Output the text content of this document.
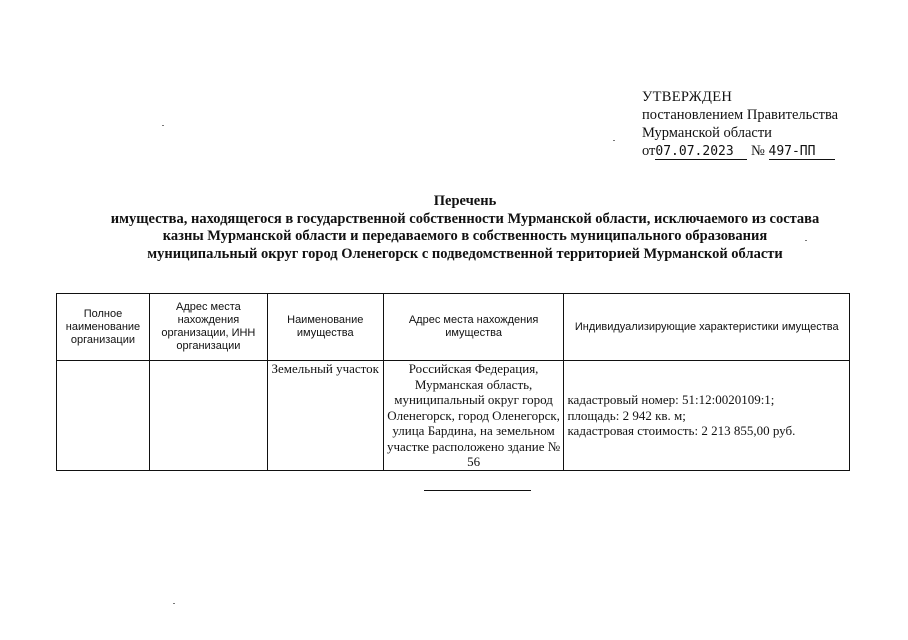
УТВЕРЖДЕН
постановлением Правительства
Мурманской области
от07.07.2023 № 497-ПП
Перечень
имущества, находящегося в государственной собственности Мурманской области, исключаемого из состава казны Мурманской области и передаваемого в собственность муниципального образования муниципальный округ город Оленегорск с подведомственной территорией Мурманской области
Полное наименование организации	Адрес места нахождения организации, ИНН организации	Наименование имущества	Адрес места нахождения имущества	Индивидуализирующие характеристики имущества
		Земельный участок	Российская Федерация, Мурманская область, муниципальный округ город Оленегорск, город Оленегорск, улица Бардина, на земельном участке расположено здание № 56	кадастровый номер: 51:12:0020109:1;
площадь: 2 942 кв. м;
кадастровая стоимость: 2 213 855,00 руб.
